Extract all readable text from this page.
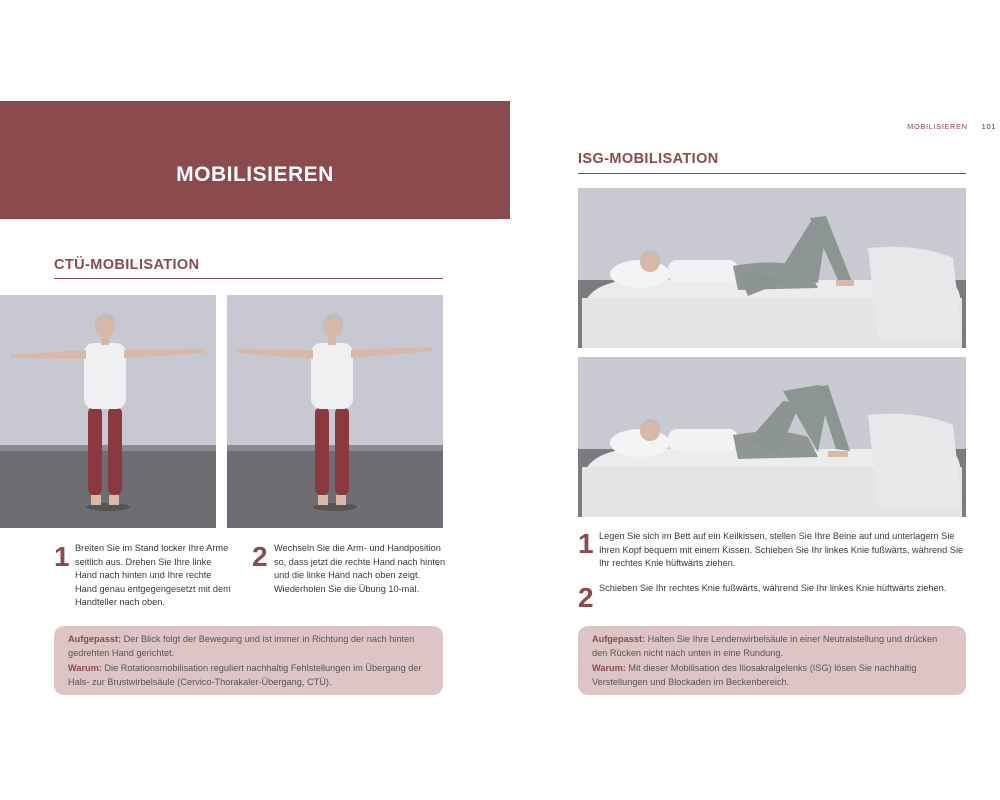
MOBILISIEREN
CTÜ-MOBILISATION
1 Breiten Sie im Stand locker Ihre Arme seitlich aus. Drehen Sie Ihre linke Hand nach hinten und Ihre rechte Hand genau entgegengesetzt mit dem Handteller nach oben.
2 Wechseln Sie die Arm- und Handposition so, dass jetzt die rechte Hand nach hinten und die linke Hand nach oben zeigt. Wiederholen Sie die Übung 10-mal.

Aufgepasst: Der Blick folgt der Bewegung und ist immer in Richtung der nach hinten gedrehten Hand gerichtet.

Warum: Die Rotationsmobilisation reguliert nachhaltig Fehlstellungen im Übergang der Hals- zur Brustwirbelsäule (Cervico-Thorakaler-Übergang, CTÜ).

MOBILISIEREN 101
ISG-MOBILISATION
1 Legen Sie sich im Bett auf ein Keilkissen, stellen Sie Ihre Beine auf und unterlagern Sie Ihren Kopf bequem mit einem Kissen. Schieben Sie Ihr linkes Knie fußwärts, während Sie Ihr rechtes Knie hüftwärts ziehen.
2 Schieben Sie Ihr rechtes Knie fußwärts, während Sie Ihr linkes Knie hüftwärts ziehen.

Aufgepasst: Halten Sie Ihre Lendenwirbelsäule in einer Neutralstellung und drücken den Rücken nicht nach unten in eine Rundung.

Warum: Mit dieser Mobilisation des Iliosakralgelenks (ISG) lösen Sie nachhaltig Verstellungen und Blockaden im Beckenbereich.
